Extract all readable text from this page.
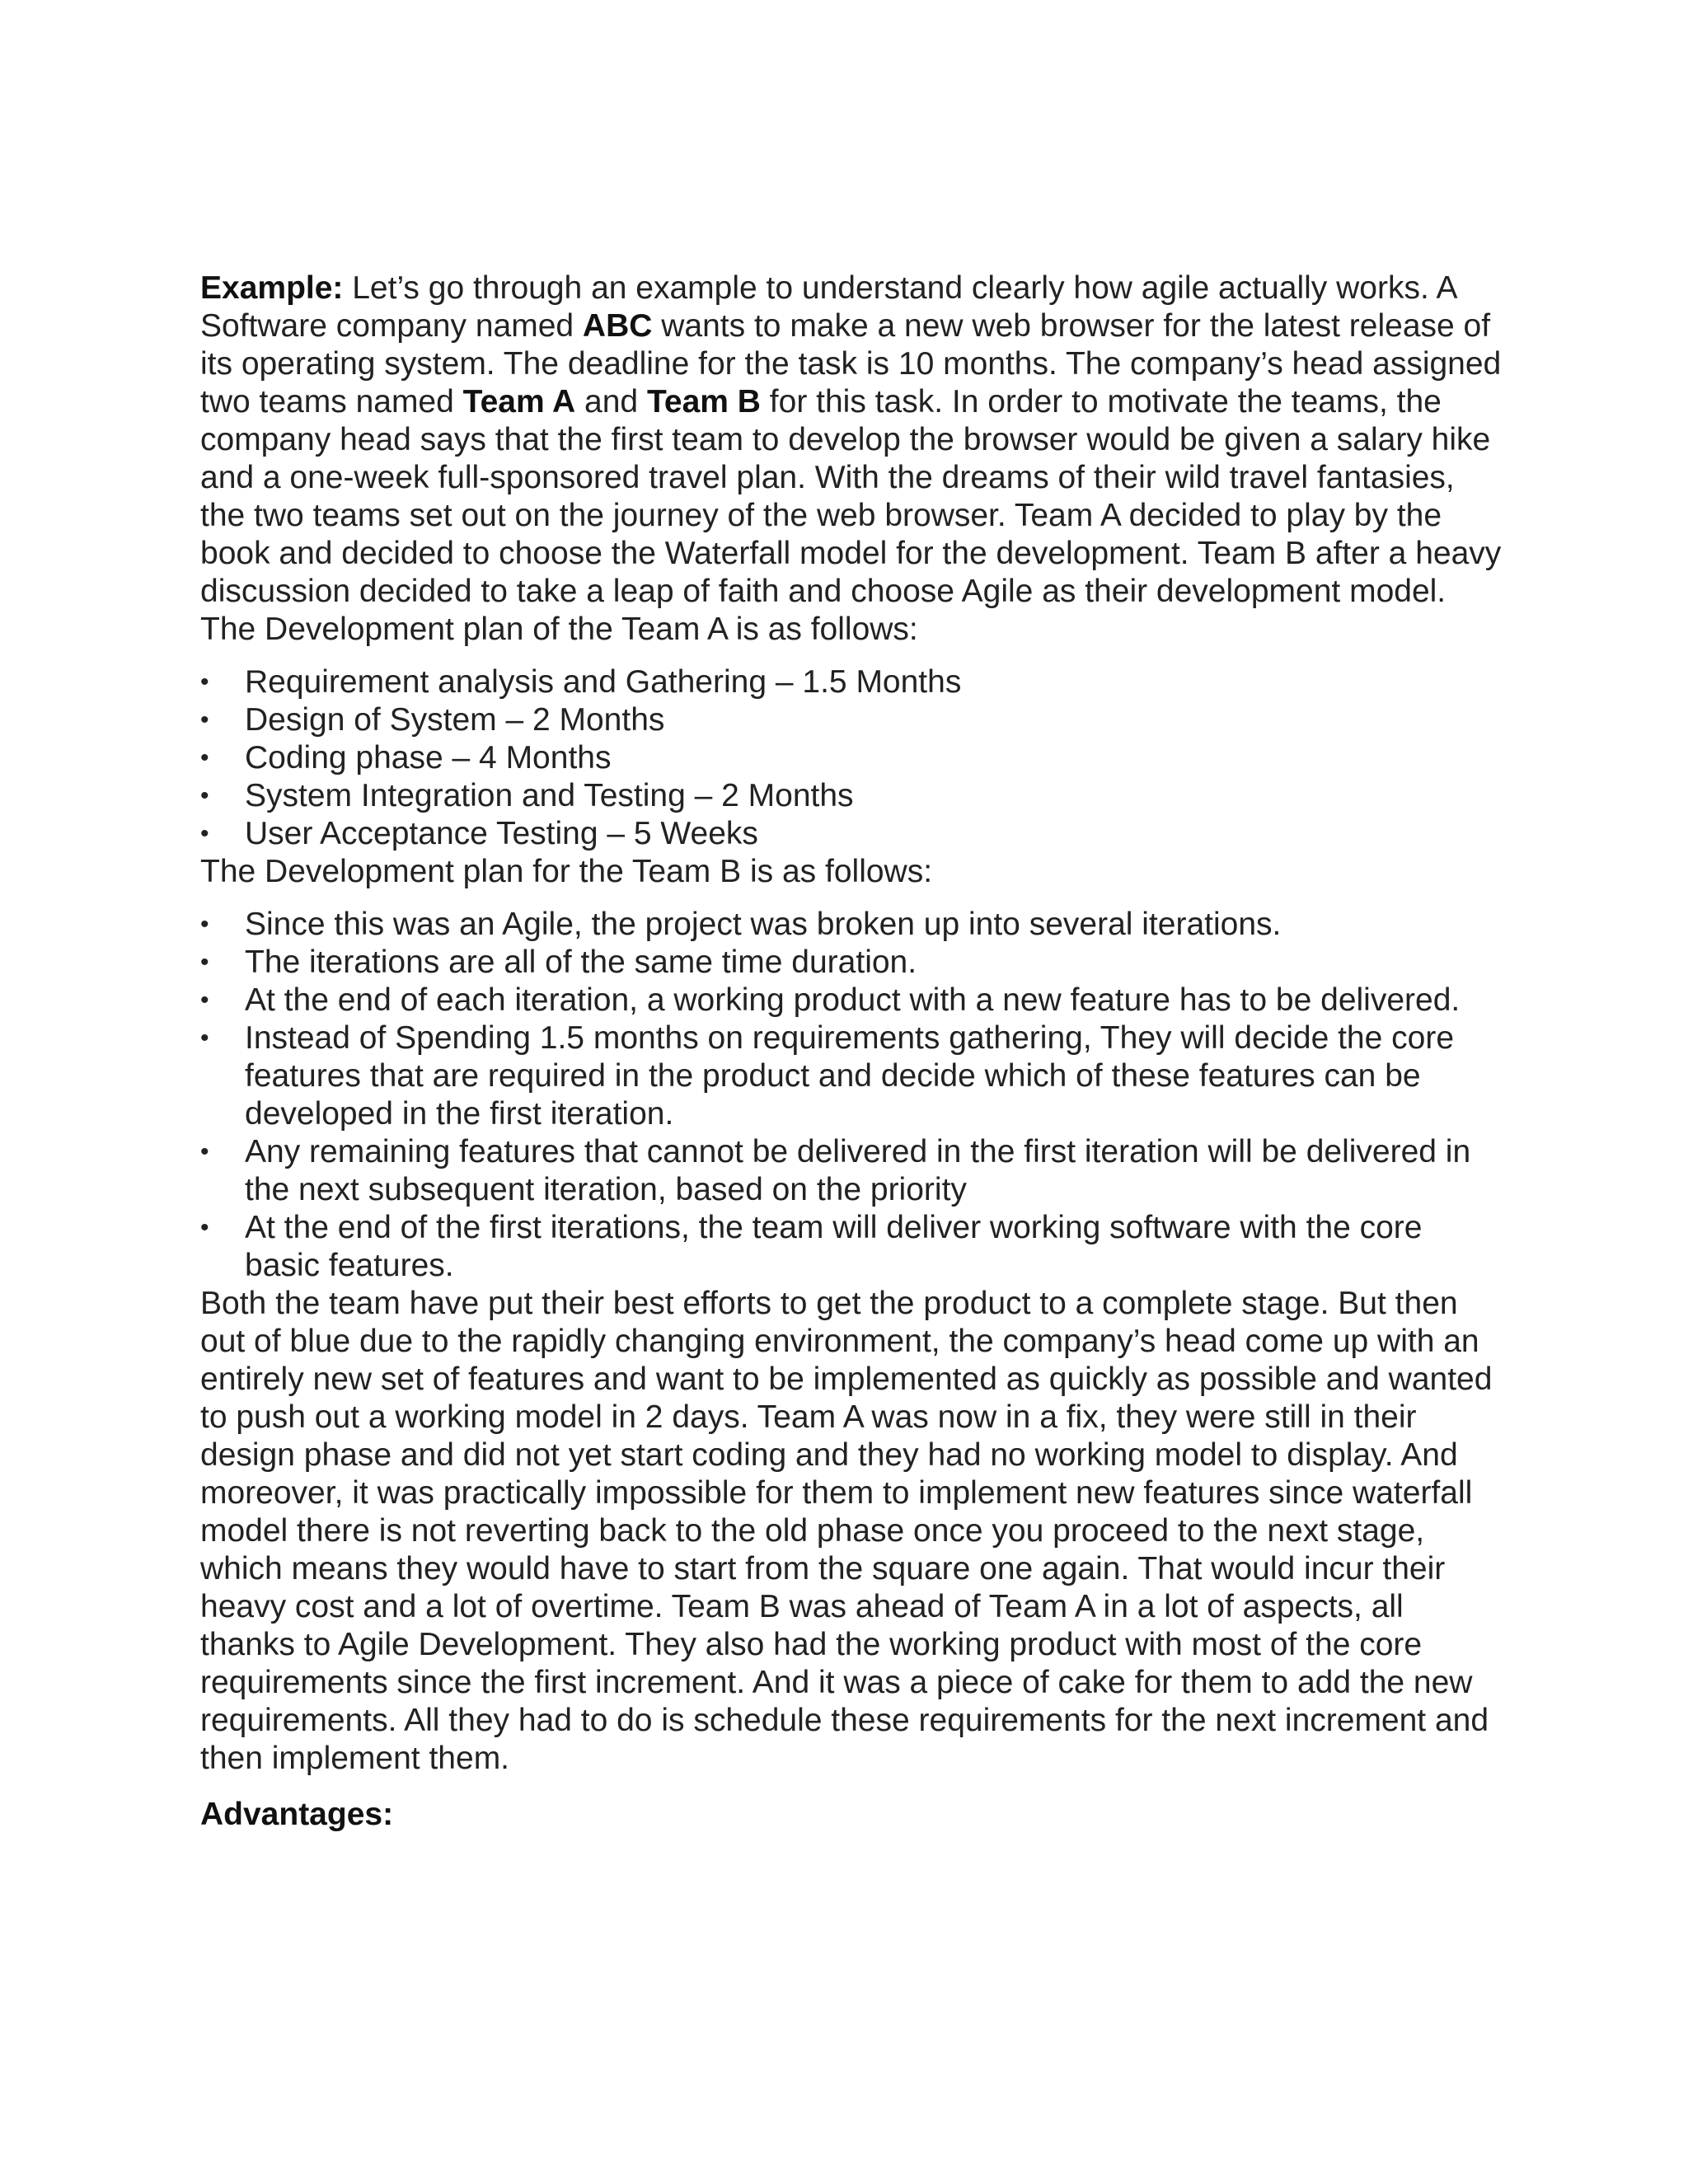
Example: Let’s go through an example to understand clearly how agile actually works. A Software company named ABC wants to make a new web browser for the latest release of its operating system. The deadline for the task is 10 months. The company’s head assigned two teams named Team A and Team B for this task. In order to motivate the teams, the company head says that the first team to develop the browser would be given a salary hike and a one-week full-sponsored travel plan. With the dreams of their wild travel fantasies, the two teams set out on the journey of the web browser. Team A decided to play by the book and decided to choose the Waterfall model for the development. Team B after a heavy discussion decided to take a leap of faith and choose Agile as their development model.

The Development plan of the Team A is as follows:

• Requirement analysis and Gathering – 1.5 Months
• Design of System – 2 Months
• Coding phase – 4 Months
• System Integration and Testing – 2 Months
• User Acceptance Testing – 5 Weeks

The Development plan for the Team B is as follows:

• Since this was an Agile, the project was broken up into several iterations.
• The iterations are all of the same time duration.
• At the end of each iteration, a working product with a new feature has to be delivered.
• Instead of Spending 1.5 months on requirements gathering, They will decide the core features that are required in the product and decide which of these features can be developed in the first iteration.
• Any remaining features that cannot be delivered in the first iteration will be delivered in the next subsequent iteration, based on the priority
• At the end of the first iterations, the team will deliver working software with the core basic features.

Both the team have put their best efforts to get the product to a complete stage. But then out of blue due to the rapidly changing environment, the company’s head come up with an entirely new set of features and want to be implemented as quickly as possible and wanted to push out a working model in 2 days. Team A was now in a fix, they were still in their design phase and did not yet start coding and they had no working model to display. And moreover, it was practically impossible for them to implement new features since waterfall model there is not reverting back to the old phase once you proceed to the next stage, which means they would have to start from the square one again. That would incur their heavy cost and a lot of overtime. Team B was ahead of Team A in a lot of aspects, all thanks to Agile Development. They also had the working product with most of the core requirements since the first increment. And it was a piece of cake for them to add the new requirements. All they had to do is schedule these requirements for the next increment and then implement them.

Advantages:
